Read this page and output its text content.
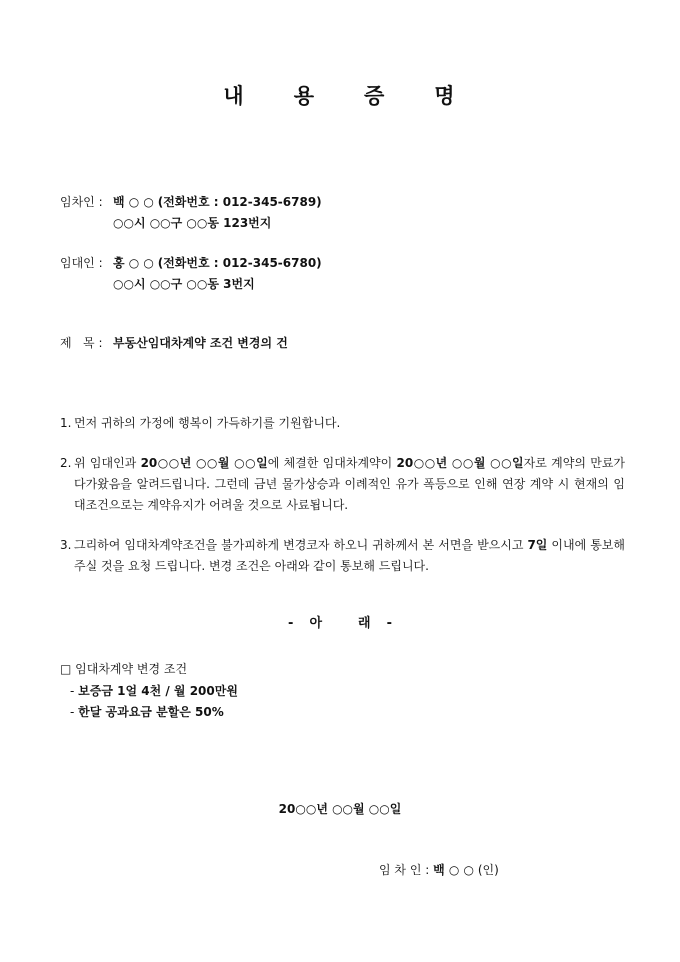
내 용 증 명
임차인 : 백 ○ ○ (전화번호 : 012-345-6789)
○○시 ○○구 ○○동 123번지
임대인 : 홍 ○ ○ (전화번호 : 012-345-6780)
○○시 ○○구 ○○동 3번지
제   목 : 부동산임대차계약 조건 변경의 건
1. 먼저 귀하의 가정에 행복이 가득하기를 기원합니다.
2. 위 임대인과 20○○년 ○○월 ○○일에 체결한 임대차계약이 20○○년 ○○월 ○○일자로 계약의 만료가 다가왔음을 알려드립니다. 그런데 금년 물가상승과 이례적인 유가 폭등으로 인해 연장 계약 시 현재의 임대조건으로는 계약유지가 어려울 것으로 사료됩니다.
3. 그리하여 임대차계약조건을 불가피하게 변경코자 하오니 귀하께서 본 서면을 받으시고 7일 이내에 통보해 주실 것을 요청 드립니다. 변경 조건은 아래와 같이 통보해 드립니다.
- 아	래 -
□ 임대차계약 변경 조건
- 보증금 1얼 4천 / 월 200만원
- 한달 공과요금 분할은 50%
20○○년 ○○월 ○○일
임 차 인 : 백 ○ ○ (인)
